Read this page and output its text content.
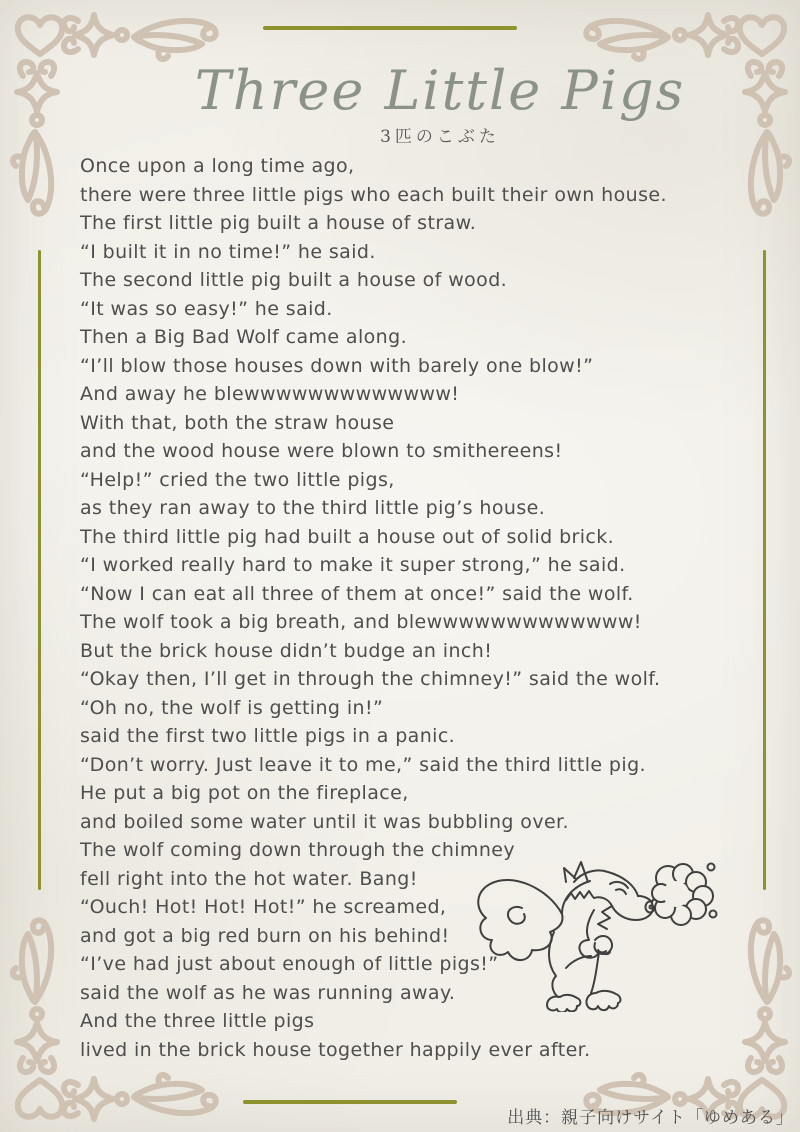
Three Little Pigs
3匹のこぶた

Once upon a long time ago,

there were three little pigs who each built their own house.

The first little pig built a house of straw.

“I built it in no time!” he said.

The second little pig built a house of wood.

“It was so easy!” he said.

Then a Big Bad Wolf came along.

“I’ll blow those houses down with barely one blow!”

And away he blewwwwwwwwwwwww!

With that, both the straw house

and the wood house were blown to smithereens!

“Help!” cried the two little pigs,

as they ran away to the third little pig’s house.

The third little pig had built a house out of solid brick.

“I worked really hard to make it super strong,” he said.

“Now I can eat all three of them at once!” said the wolf.

The wolf took a big breath, and blewwwwwwwwwwwww!

But the brick house didn’t budge an inch!

“Okay then, I’ll get in through the chimney!” said the wolf.

“Oh no, the wolf is getting in!”

said the first two little pigs in a panic.

“Don’t worry. Just leave it to me,” said the third little pig.

He put a big pot on the fireplace,

and boiled some water until it was bubbling over.

The wolf coming down through the chimney

fell right into the hot water. Bang!

“Ouch! Hot! Hot! Hot!” he screamed,

and got a big red burn on his behind!

“I’ve had just about enough of little pigs!”

said the wolf as he was running away.

And the three little pigs

lived in the brick house together happily ever after.

出典：親子向けサイト「ゆめある」
